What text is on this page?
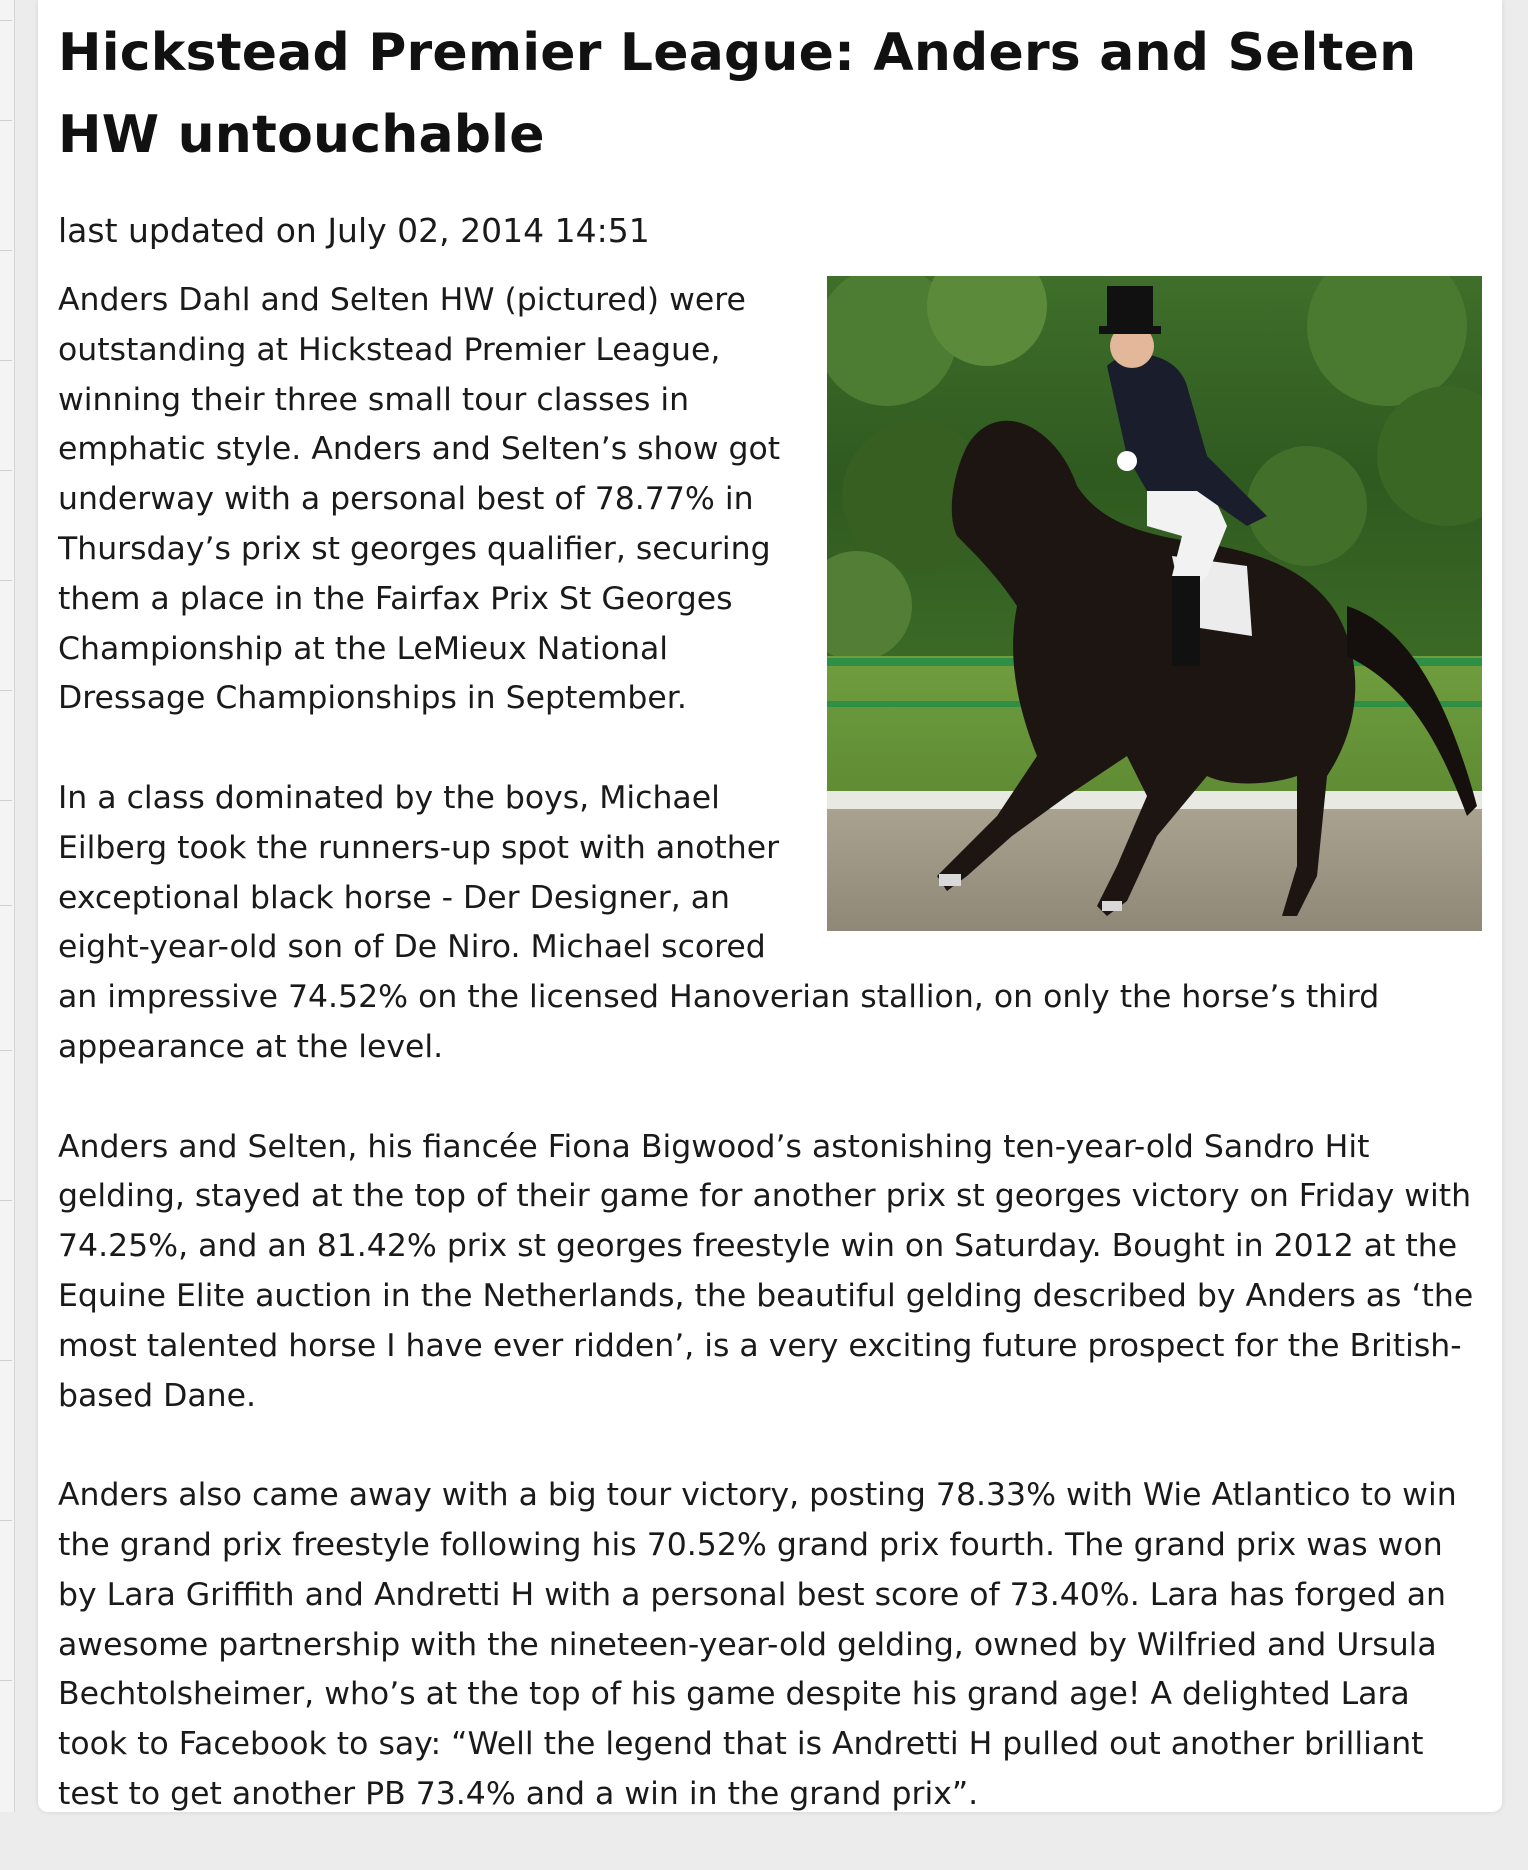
Hickstead Premier League: Anders and Selten HW untouchable
last updated on July 02, 2014 14:51

Anders Dahl and Selten HW (pictured) were outstanding at Hickstead Premier League, winning their three small tour classes in emphatic style. Anders and Selten’s show got underway with a personal best of 78.77% in Thursday’s prix st georges qualifier, securing them a place in the Fairfax Prix St Georges Championship at the LeMieux National Dressage Championships in September.

In a class dominated by the boys, Michael Eilberg took the runners-up spot with another exceptional black horse - Der Designer, an eight-year-old son of De Niro. Michael scored an impressive 74.52% on the licensed Hanoverian stallion, on only the horse’s third appearance at the level.

Anders and Selten, his fiancée Fiona Bigwood’s astonishing ten-year-old Sandro Hit gelding, stayed at the top of their game for another prix st georges victory on Friday with 74.25%, and an 81.42% prix st georges freestyle win on Saturday. Bought in 2012 at the Equine Elite auction in the Netherlands, the beautiful gelding described by Anders as ‘the most talented horse I have ever ridden’, is a very exciting future prospect for the British-based Dane.

Anders also came away with a big tour victory, posting 78.33% with Wie Atlantico to win the grand prix freestyle following his 70.52% grand prix fourth. The grand prix was won by Lara Griffith and Andretti H with a personal best score of 73.40%. Lara has forged an awesome partnership with the nineteen-year-old gelding, owned by Wilfried and Ursula Bechtolsheimer, who’s at the top of his game despite his grand age! A delighted Lara took to Facebook to say: “Well the legend that is Andretti H pulled out another brilliant test to get another PB 73.4% and a win in the grand prix”.
